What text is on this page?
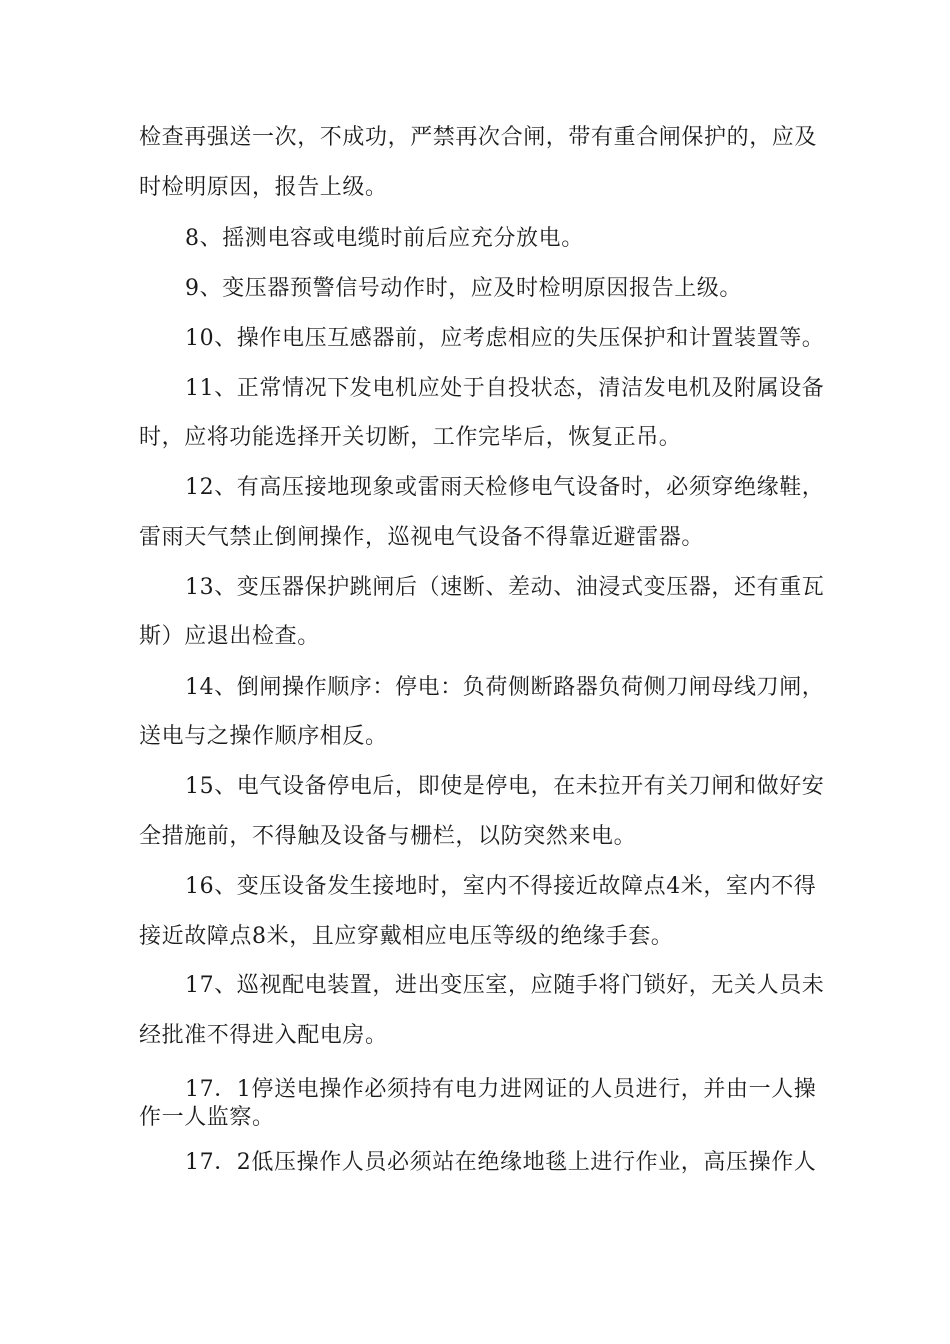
检查再强送一次，不成功，严禁再次合闸，带有重合闸保护的，应及
时检明原因，报告上级。
8、摇测电容或电缆时前后应充分放电。
9、变压器预警信号动作时，应及时检明原因报告上级。
10、操作电压互感器前，应考虑相应的失压保护和计置装置等。
11、正常情况下发电机应处于自投状态，清洁发电机及附属设备
时，应将功能选择开关切断，工作完毕后，恢复正吊。
12、有高压接地现象或雷雨天检修电气设备时，必须穿绝缘鞋，
雷雨天气禁止倒闸操作，巡视电气设备不得靠近避雷器。
13、变压器保护跳闸后（速断、差动、油浸式变压器，还有重瓦
斯）应退出检查。
14、倒闸操作顺序：停电：负荷侧断路器负荷侧刀闸母线刀闸，
送电与之操作顺序相反。
15、电气设备停电后，即使是停电，在未拉开有关刀闸和做好安
全措施前，不得触及设备与栅栏，以防突然来电。
16、变压设备发生接地时，室内不得接近故障点4米，室内不得
接近故障点8米，且应穿戴相应电压等级的绝缘手套。
17、巡视配电装置，进出变压室，应随手将门锁好，无关人员未
经批准不得进入配电房。
17．1停送电操作必须持有电力进网证的人员进行，并由一人操
作一人监察。
17．2低压操作人员必须站在绝缘地毯上进行作业，高压操作人
